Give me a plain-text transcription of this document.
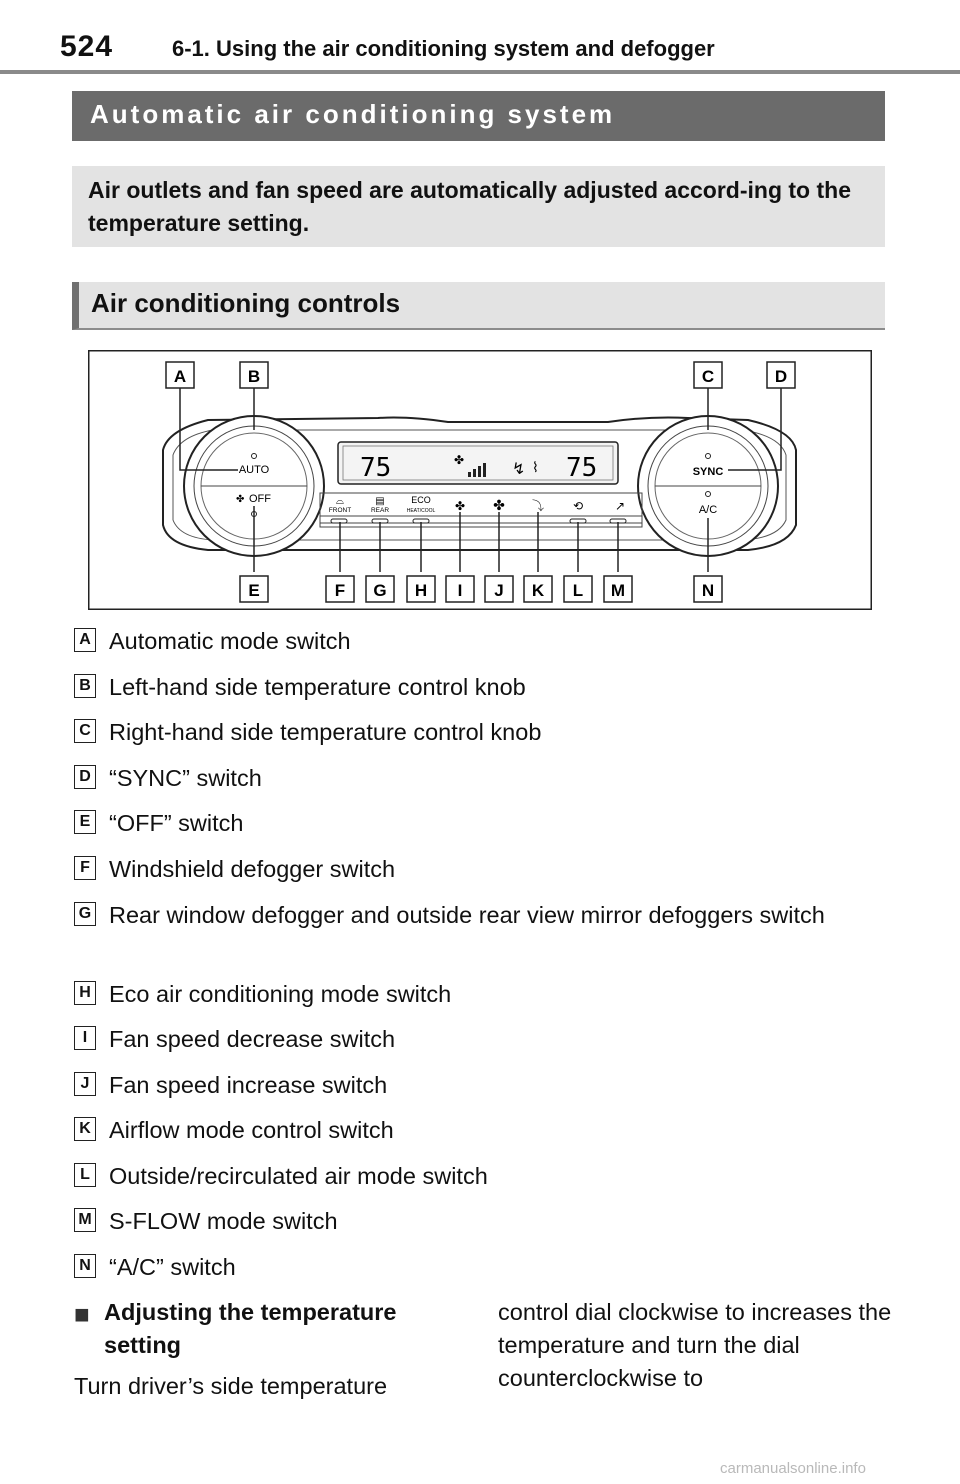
524	6-1. Using the air conditioning system and defogger
Automatic air conditioning system
Air outlets and fan speed are automatically adjusted accord-ing to the temperature setting.
Air conditioning controls
AUTO
OFF
SYNC
A/C
✤
75	75
✤	↯ ⌇
FRONT	REAR
ECO
HEAT/COOL
⌓	▤	✤ ✤ ⤵ ⟲	↗
A	B	C	D
E	F G H I J K L M	N
A Automatic mode switch
B Left-hand side temperature control knob
C Right-hand side temperature control knob
D “SYNC” switch
E “OFF” switch
F Windshield defogger switch
G Rear window defogger and outside rear view mirror defoggers switch
H Eco air conditioning mode switch
I Fan speed decrease switch
J Fan speed increase switch
K Airflow mode control switch
L Outside/recirculated air mode switch
M S-FLOW mode switch
N “A/C” switch
■ Adjusting the temperature setting
Turn driver’s side temperature
control dial clockwise to increases the temperature and turn the dial counterclockwise to
carmanualsonline.info
